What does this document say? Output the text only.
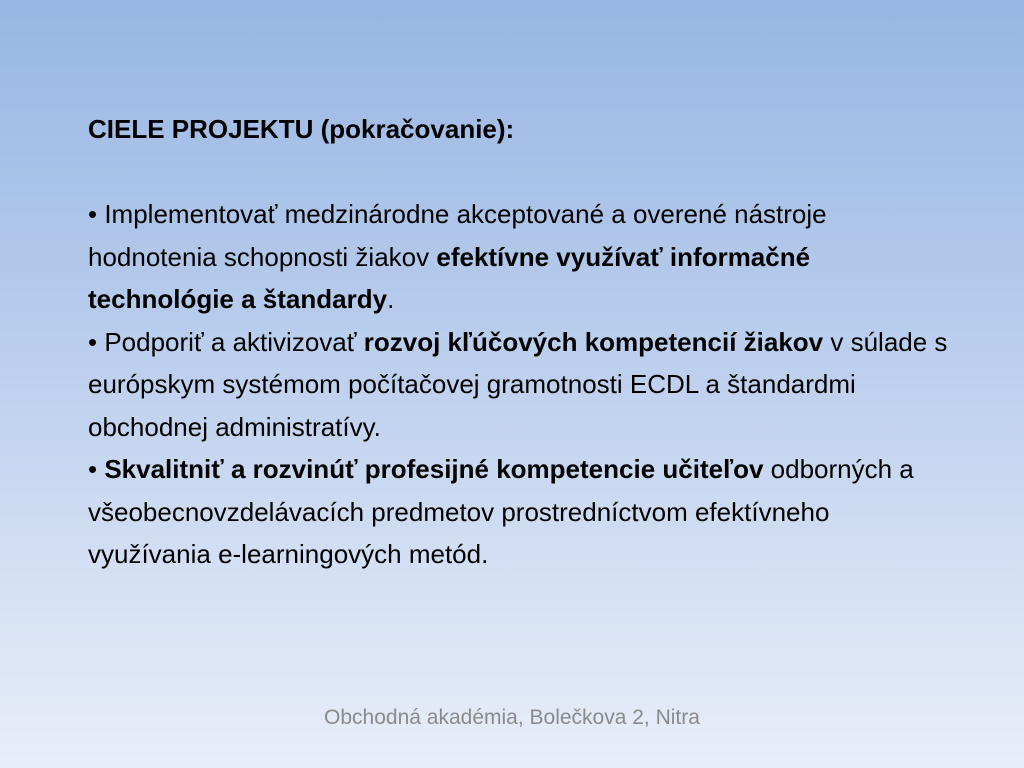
CIELE PROJEKTU (pokračovanie):

• Implementovať medzinárodne akceptované a overené nástroje hodnotenia schopnosti žiakov efektívne využívať informačné technológie a štandardy.

• Podporiť a aktivizovať rozvoj kľúčových kompetencií žiakov v súlade s európskym systémom počítačovej gramotnosti ECDL a štandardmi obchodnej administratívy.

• Skvalitniť a rozvinúť profesijné kompetencie učiteľov odborných a všeobecnovzdelávacích predmetov prostredníctvom efektívneho využívania e-learningových metód.

Obchodná akadémia, Bolečkova 2, Nitra
